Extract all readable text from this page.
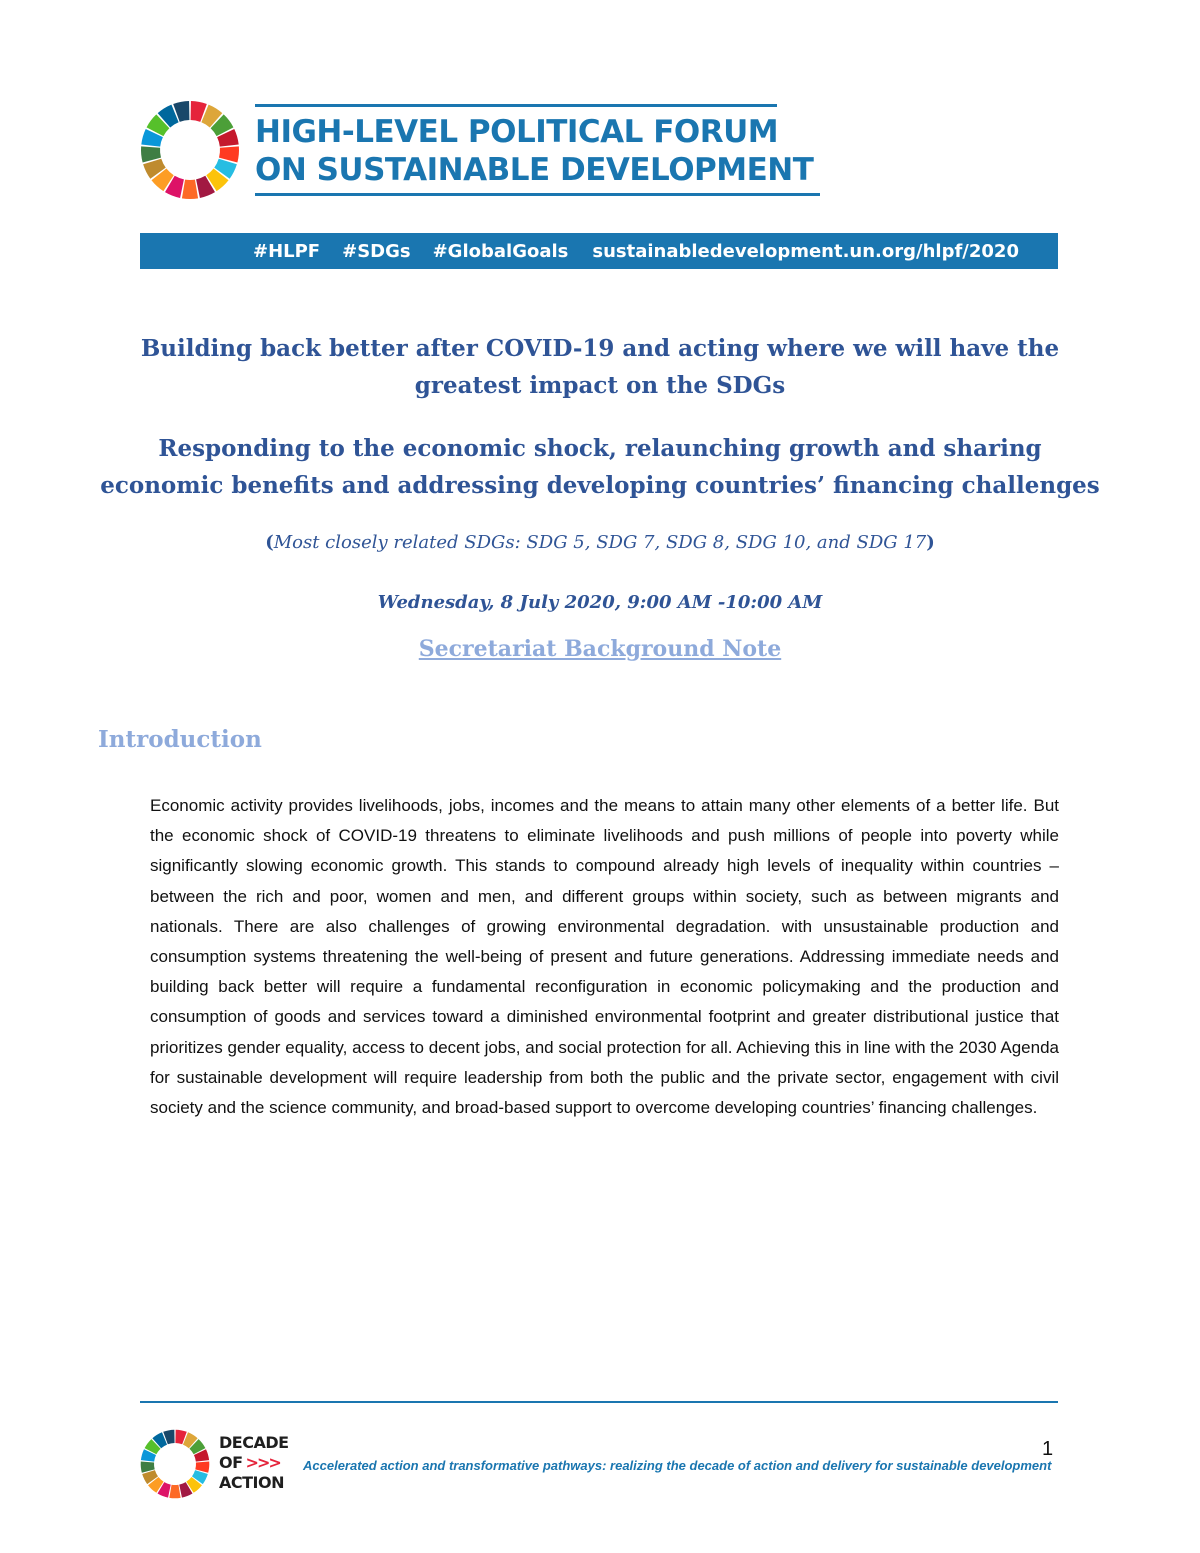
HIGH-LEVEL POLITICAL FORUM
ON SUSTAINABLE DEVELOPMENT
#HLPF #SDGs #GlobalGoals sustainabledevelopment.un.org/hlpf/2020
Building back better after COVID-19 and acting where we will have the greatest impact on the SDGs
Responding to the economic shock, relaunching growth and sharing economic benefits and addressing developing countries’ financing challenges
(Most closely related SDGs: SDG 5, SDG 7, SDG 8, SDG 10, and SDG 17)
Wednesday, 8 July 2020, 9:00 AM -10:00 AM
Secretariat Background Note
Introduction
Economic activity provides livelihoods, jobs, incomes and the means to attain many other elements of a better life. But the economic shock of COVID-19 threatens to eliminate livelihoods and push millions of people into poverty while significantly slowing economic growth. This stands to compound already high levels of inequality within countries – between the rich and poor, women and men, and different groups within society, such as between migrants and nationals. There are also challenges of growing environmental degradation. with unsustainable production and consumption systems threatening the well-being of present and future generations. Addressing immediate needs and building back better will require a fundamental reconfiguration in economic policymaking and the production and consumption of goods and services toward a diminished environmental footprint and greater distributional justice that prioritizes gender equality, access to decent jobs, and social protection for all. Achieving this in line with the 2030 Agenda for sustainable development will require leadership from both the public and the private sector, engagement with civil society and the science community, and broad-based support to overcome developing countries’ financing challenges.
DECADE
OF >>>
ACTION
1
Accelerated action and transformative pathways: realizing the decade of action and delivery for sustainable development
